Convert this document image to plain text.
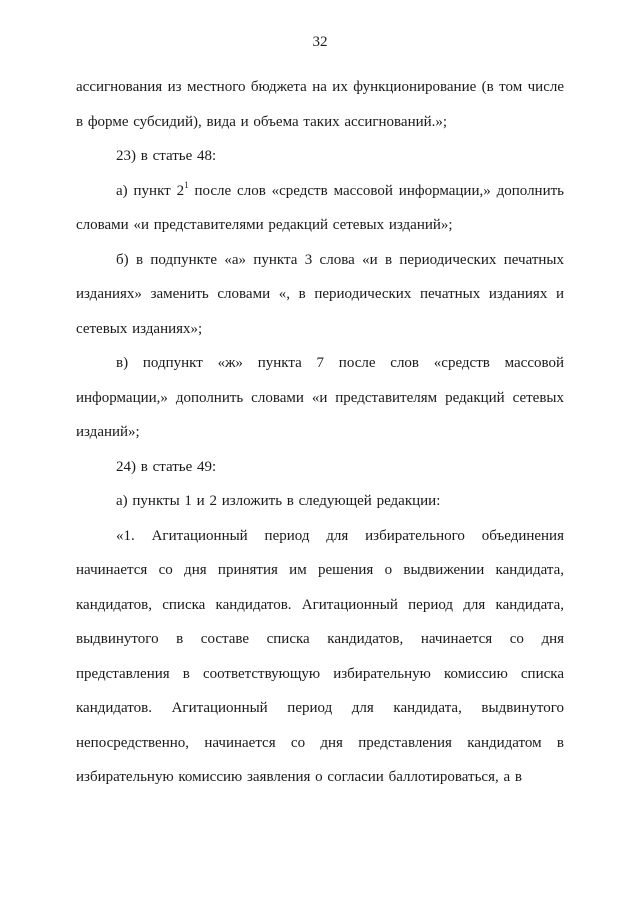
32

ассигнования из местного бюджета на их функционирование (в том числе в форме субсидий), вида и объема таких ассигнований.»;

23) в статье 48:

а) пункт $2^1$ после слов «средств массовой информации,» дополнить словами «и представителями редакций сетевых изданий»;

б) в подпункте «а» пункта 3 слова «и в периодических печатных изданиях» заменить словами «, в периодических печатных изданиях и сетевых изданиях»;

в) подпункт «ж» пункта 7 после слов «средств массовой информации,» дополнить словами «и представителям редакций сетевых изданий»;

24) в статье 49:

а) пункты 1 и 2 изложить в следующей редакции:

«1. Агитационный период для избирательного объединения начинается со дня принятия им решения о выдвижении кандидата, кандидатов, списка кандидатов. Агитационный период для кандидата, выдвинутого в составе списка кандидатов, начинается со дня представления в соответствующую избирательную комиссию списка кандидатов. Агитационный период для кандидата, выдвинутого непосредственно, начинается со дня представления кандидатом в избирательную комиссию заявления о согласии баллотироваться, а в
